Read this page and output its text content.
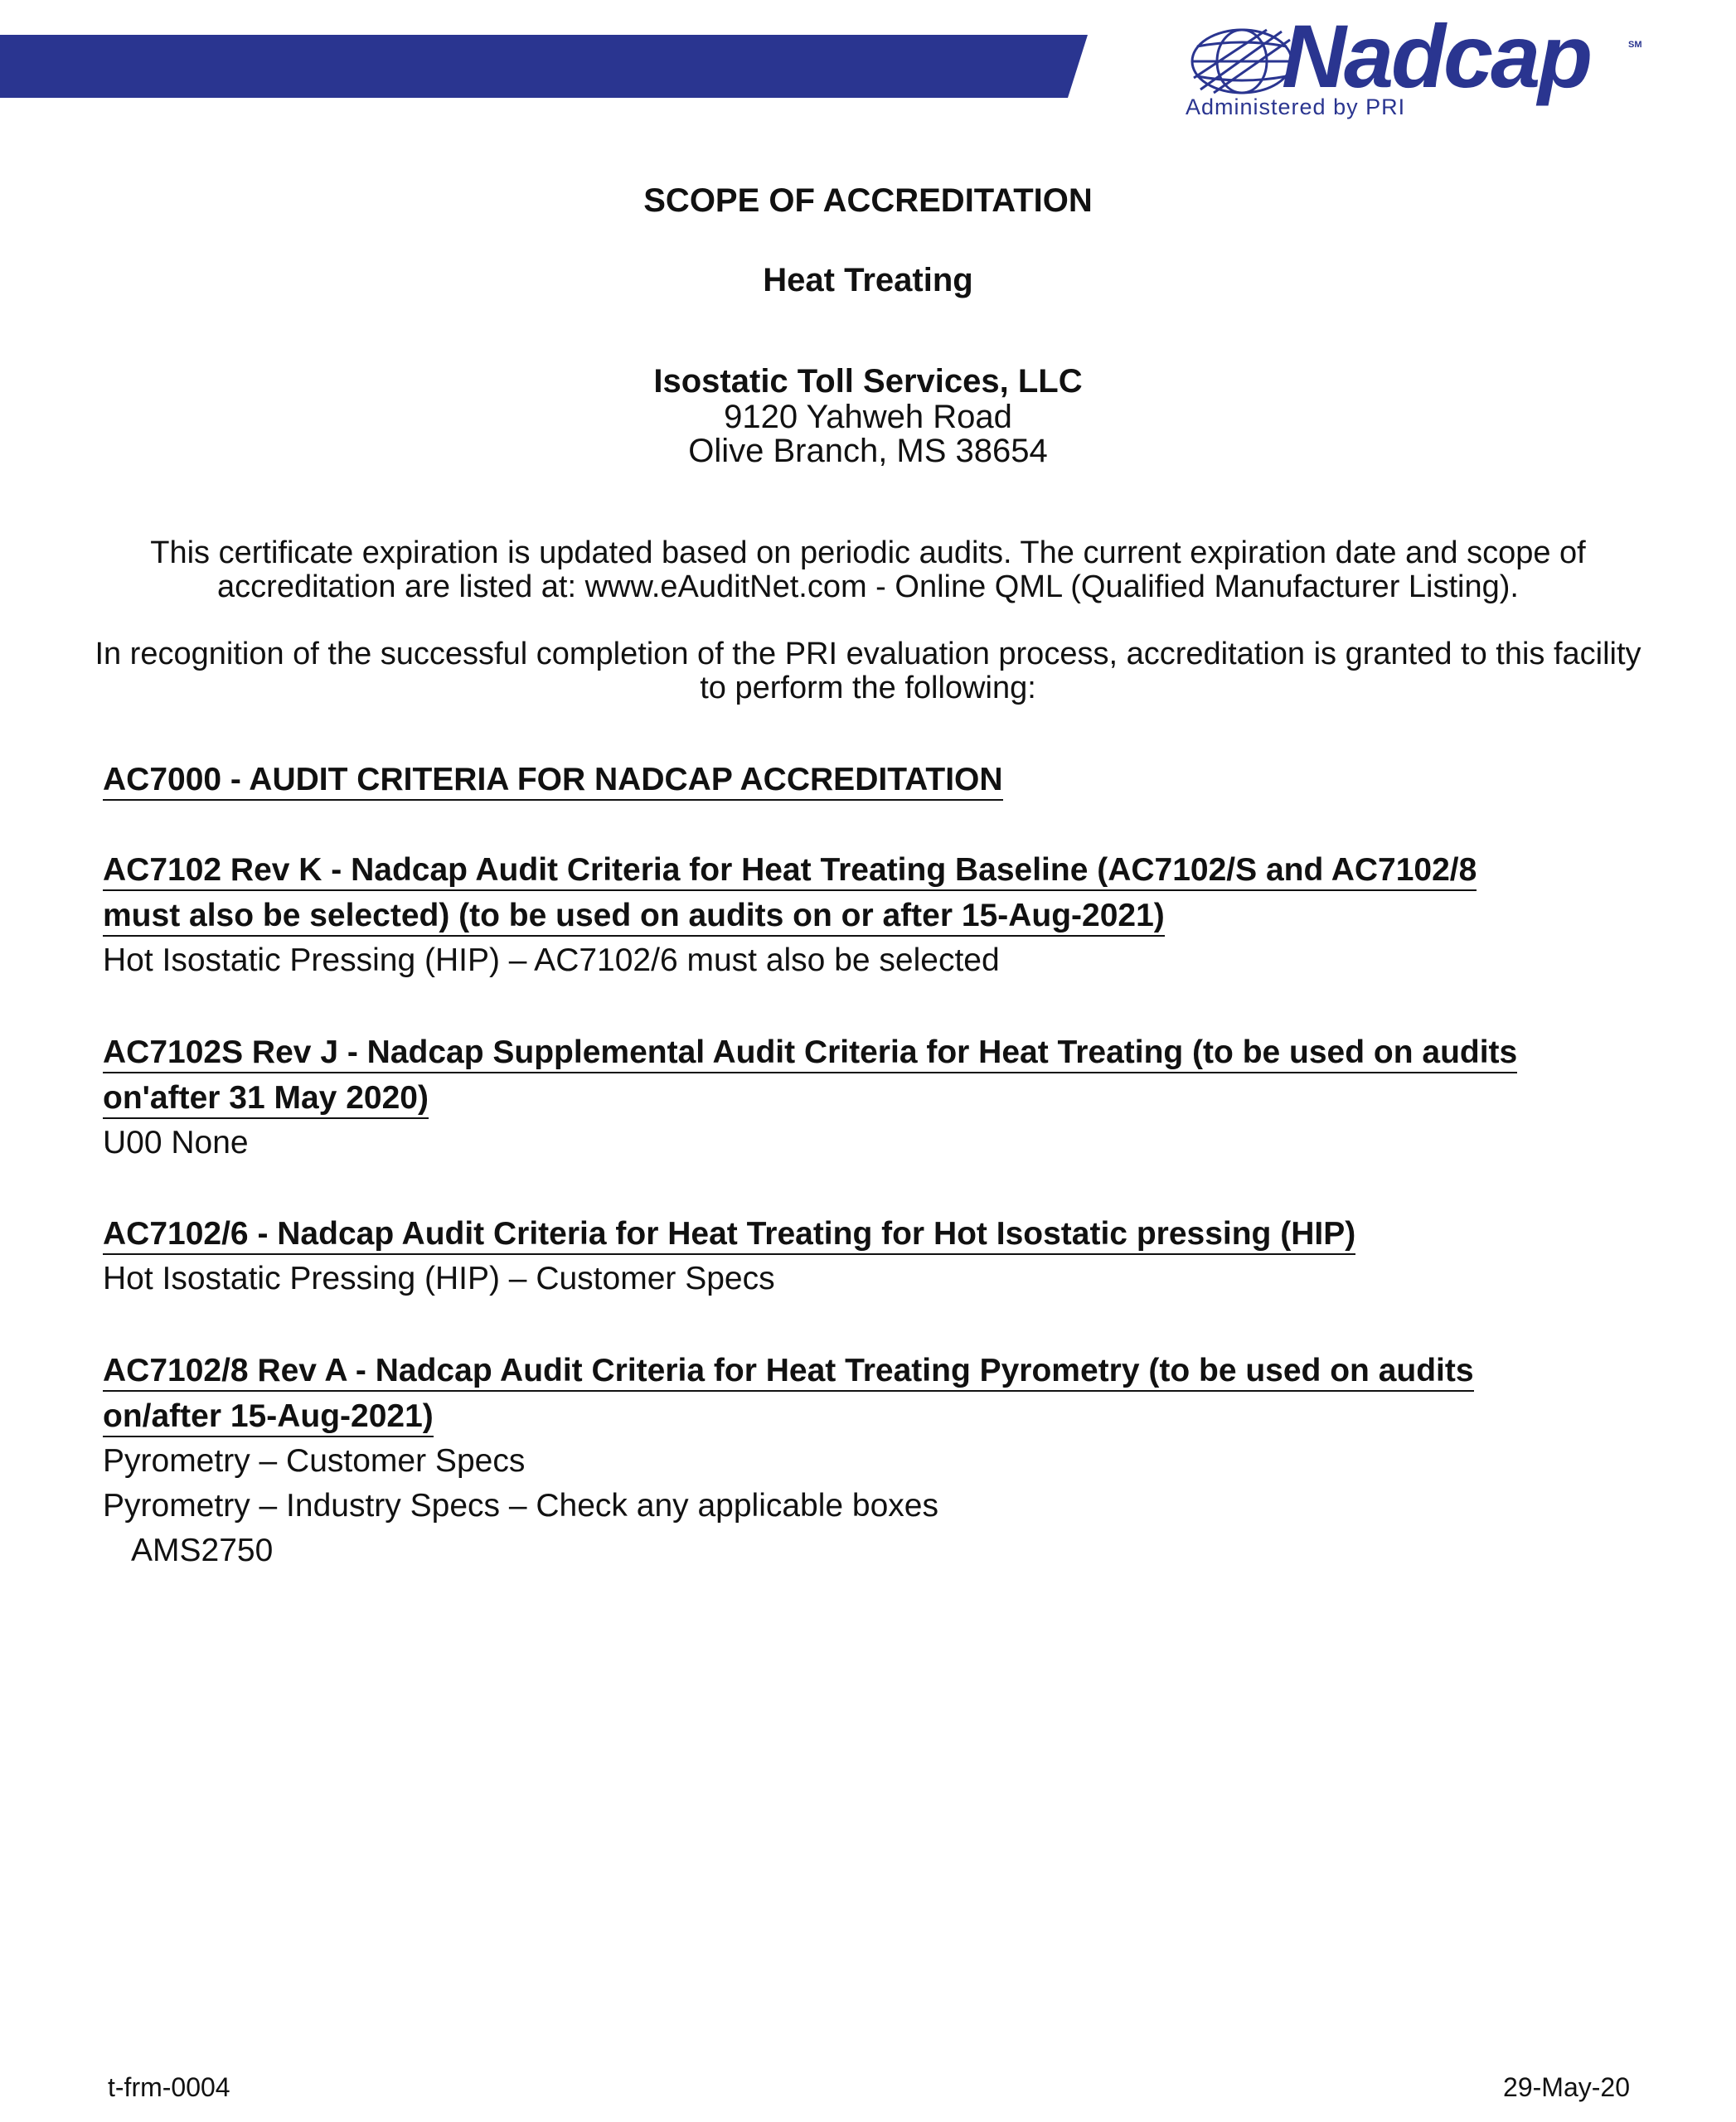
Nadcap	SM
Administered by PRI
SCOPE OF ACCREDITATION
Heat Treating
Isostatic Toll Services, LLC
9120 Yahweh Road
Olive Branch, MS 38654
This certificate expiration is updated based on periodic audits. The current expiration date and scope of accreditation are listed at: www.eAuditNet.com - Online QML (Qualified Manufacturer Listing).
In recognition of the successful completion of the PRI evaluation process, accreditation is granted to this facility to perform the following:
AC7000 - AUDIT CRITERIA FOR NADCAP ACCREDITATION
AC7102 Rev K - Nadcap Audit Criteria for Heat Treating Baseline (AC7102/S and AC7102/8
must also be selected) (to be used on audits on or after 15-Aug-2021)
Hot Isostatic Pressing (HIP) – AC7102/6 must also be selected
AC7102S Rev J - Nadcap Supplemental Audit Criteria for Heat Treating (to be used on audits
on'after 31 May 2020)
U00 None
AC7102/6 - Nadcap Audit Criteria for Heat Treating for Hot Isostatic pressing (HIP)
Hot Isostatic Pressing (HIP) – Customer Specs
AC7102/8 Rev A - Nadcap Audit Criteria for Heat Treating Pyrometry (to be used on audits
on/after 15-Aug-2021)
Pyrometry – Customer Specs
Pyrometry – Industry Specs – Check any applicable boxes
AMS2750
t-frm-0004	29-May-20
